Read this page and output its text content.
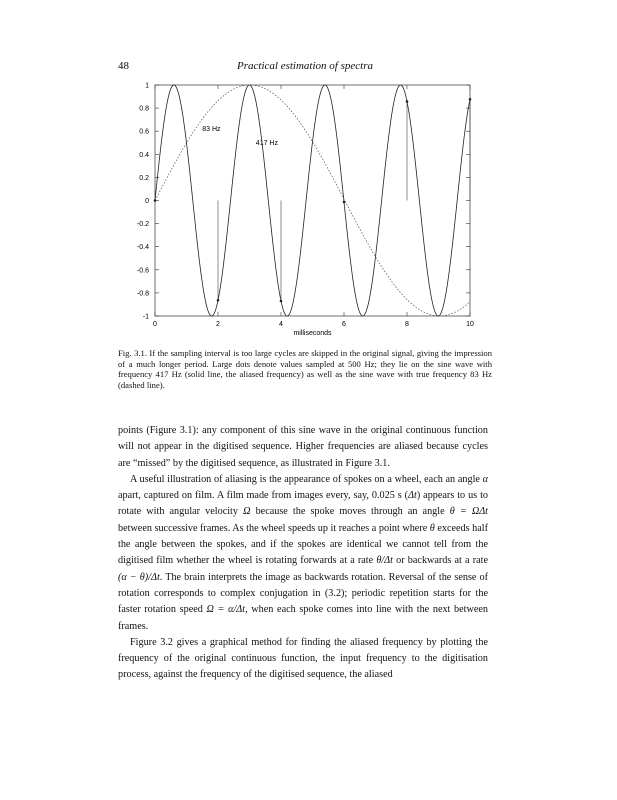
48	Practical estimation of spectra
-1
-0.8
-0.6
-0.4
-0.2
0
0.2
0.4
0.6
0.8
1
0	2	4	6	8	10
milliseconds
83 Hz
417 Hz
Fig. 3.1. If the sampling interval is too large cycles are skipped in the original signal, giving the impression of a much longer period. Large dots denote values sampled at 500 Hz; they lie on the sine wave with frequency 417 Hz (solid line, the aliased frequency) as well as the sine wave with true frequency 83 Hz (dashed line).

points (Figure 3.1): any component of this sine wave in the original continuous function will not appear in the digitised sequence. Higher frequencies are aliased because cycles are “missed” by the digitised sequence, as illustrated in Figure 3.1.

A useful illustration of aliasing is the appearance of spokes on a wheel, each an angle α apart, captured on film. A film made from images every, say, 0.025 s (Δt) appears to us to rotate with angular velocity Ω because the spoke moves through an angle θ = ΩΔt between successive frames. As the wheel speeds up it reaches a point where θ exceeds half the angle between the spokes, and if the spokes are identical we cannot tell from the digitised film whether the wheel is rotating forwards at a rate θ/Δt or backwards at a rate (α − θ)/Δt. The brain interprets the image as backwards rotation. Reversal of the sense of rotation corresponds to complex conjugation in (3.2); periodic repetition starts for the faster rotation speed Ω = α/Δt, when each spoke comes into line with the next between frames.

Figure 3.2 gives a graphical method for finding the aliased frequency by plotting the frequency of the original continuous function, the input frequency to the digitisation process, against the frequency of the digitised sequence, the aliased
